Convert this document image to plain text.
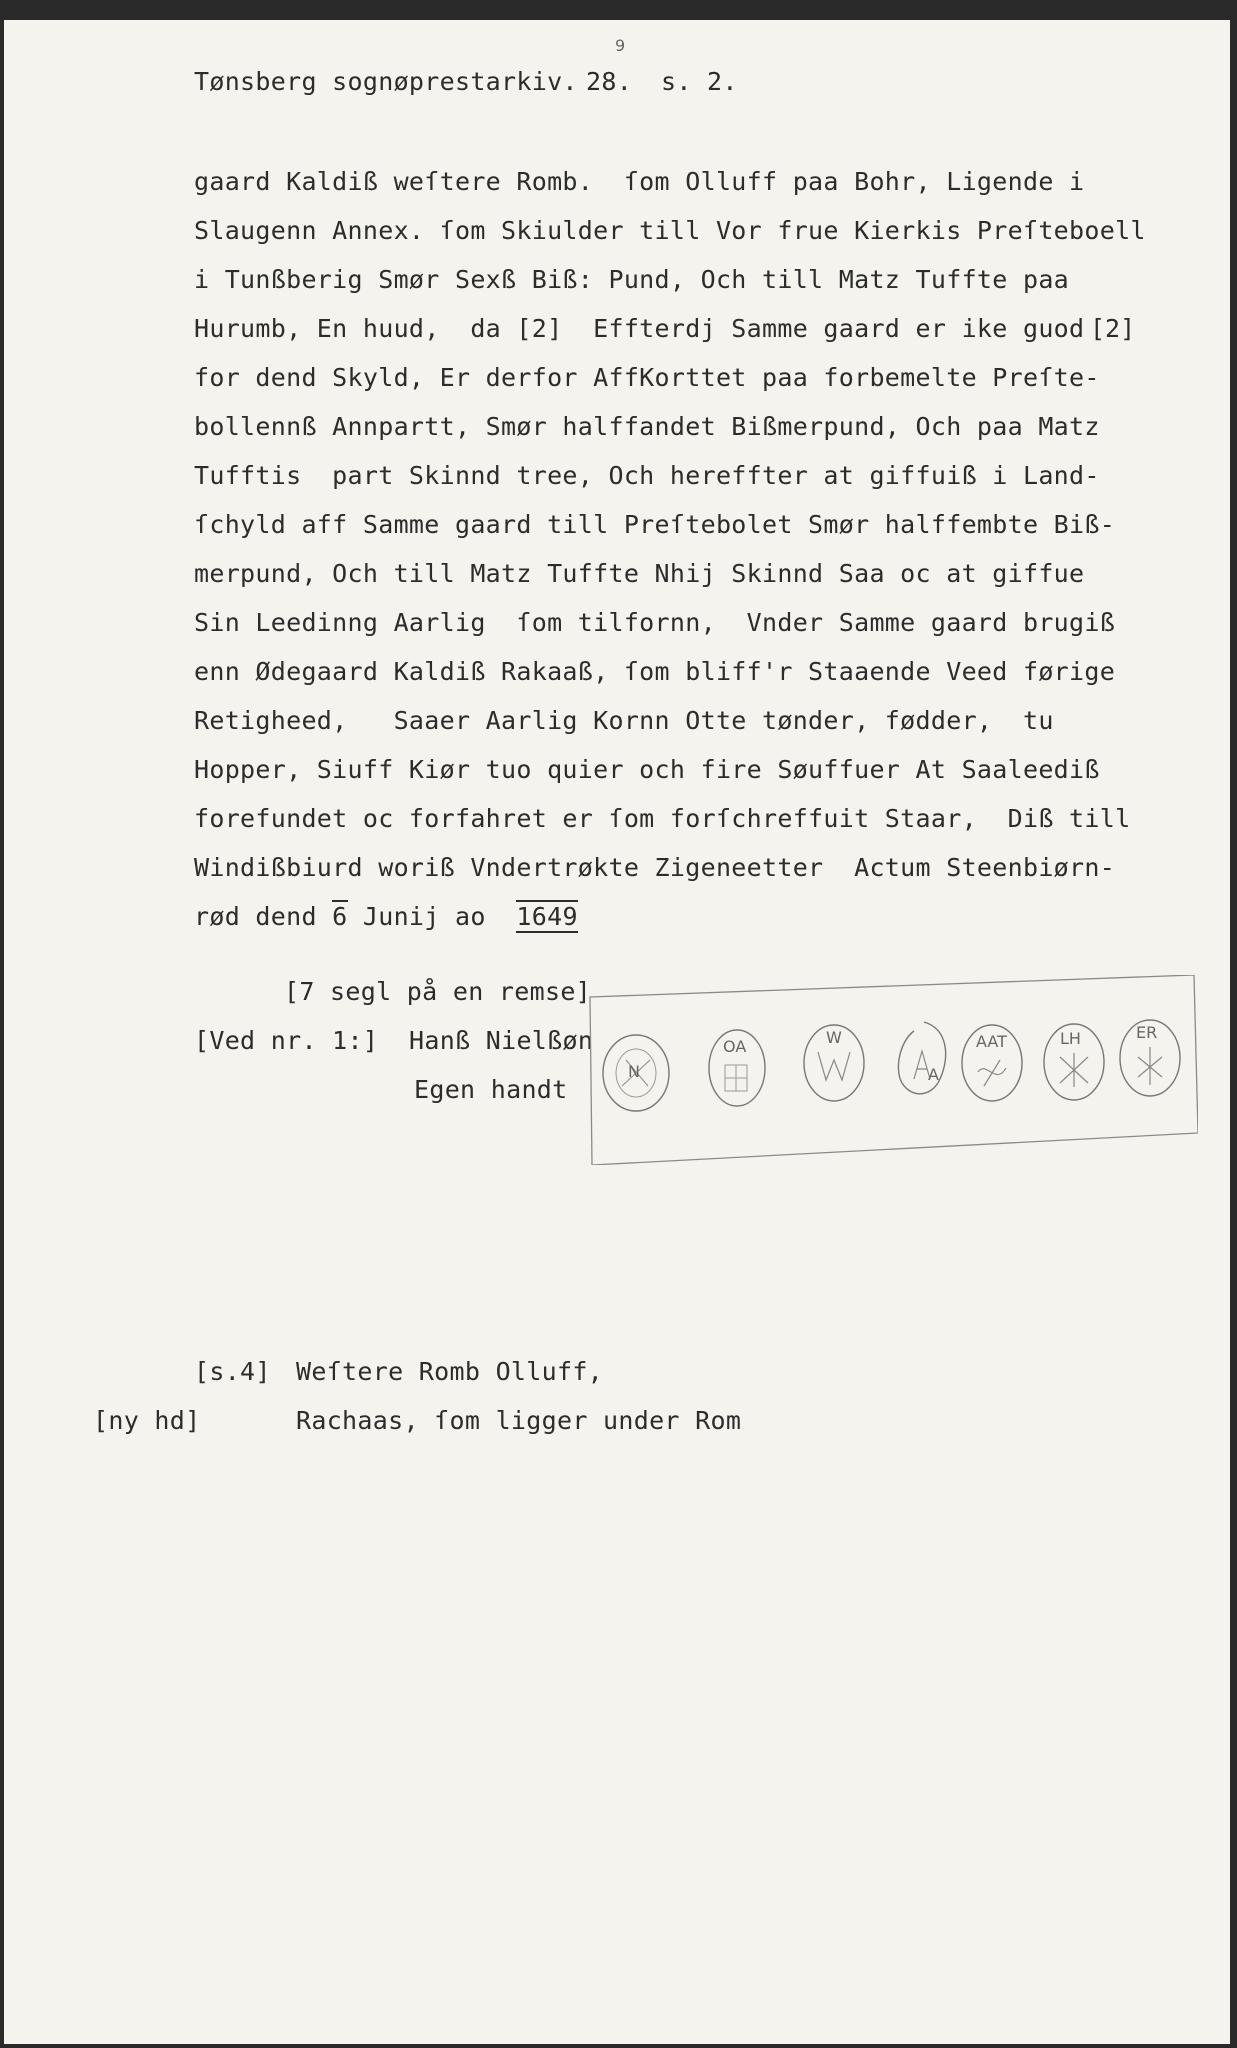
Tønsberg sognøprestarkiv. 28. s. 2.
9
gaard Kaldiß weſtere Romb.  ſom Olluff paa Bohr, Ligende i
Slaugenn Annex. ſom Skiulder till Vor frue Kierkis Preſteboell
i Tunßberig Smør Sexß Biß: Pund, Och till Matz Tuffte paa
Hurumb, En huud,  da [2]  Effterdj Samme gaard er ike guod
for dend Skyld, Er derfor AffKorttet paa forbemelte Preſte-
bollennß Annpartt, Smør halffandet Bißmerpund, Och paa Matz
Tufftis  part Skinnd tree, Och hereffter at giffuiß i Land-
ſchyld aff Samme gaard till Preſtebolet Smør halffembte Biß-
merpund, Och till Matz Tuffte Nhij Skinnd Saa oc at giffue
Sin Leedinng Aarlig  ſom tilfornn,  Vnder Samme gaard brugiß
enn Ødegaard Kaldiß Rakaaß, ſom bliff'r Staaende Veed førige
Retigheed,   Saaer Aarlig Kornn Otte tønder, fødder,  tu
Hopper, Siuff Kiør tuo quier och fire Søuffuer At Saaleediß
forefundet oc forfahret er ſom forſchreffuit Staar,  Diß till
Windißbiurd woriß Vndertrøkte Zigeneetter  Actum Steenbiørn-
rød dend 6 Junij ao  1649
[2]
[7 segl på en remse]
[Ved nr. 1:] Hanß Nielßøn
Egen handt
N
OA	W
A
AAT	LH	ER
[s.4] Weſtere Romb Olluff,
[ny hd]	Rachaas, ſom ligger under Rom
